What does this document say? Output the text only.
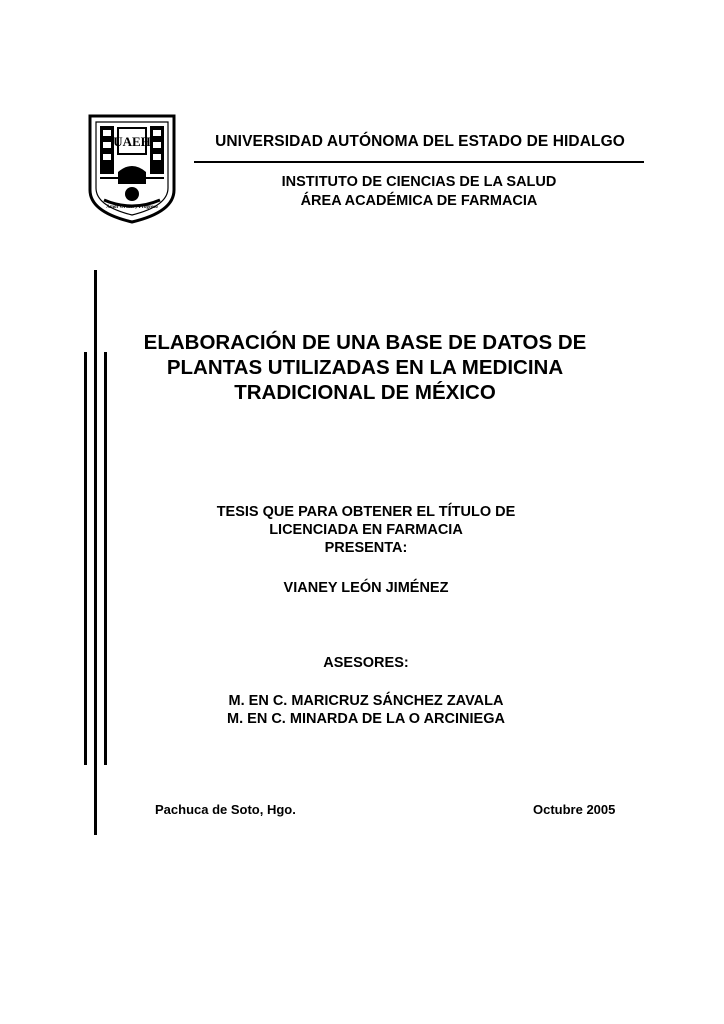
UAEH
Amor Orden y Progreso
UNIVERSIDAD AUTÓNOMA DEL ESTADO DE HIDALGO
INSTITUTO DE CIENCIAS DE LA SALUD
ÁREA ACADÉMICA DE FARMACIA
ELABORACIÓN DE UNA BASE DE DATOS DE
PLANTAS UTILIZADAS EN LA MEDICINA
TRADICIONAL DE MÉXICO
TESIS QUE PARA OBTENER EL TÍTULO DE
LICENCIADA EN FARMACIA
PRESENTA:
VIANEY LEÓN JIMÉNEZ
ASESORES:
M. EN C. MARICRUZ SÁNCHEZ ZAVALA
M. EN C. MINARDA DE LA O ARCINIEGA
Pachuca de Soto, Hgo.	Octubre 2005
